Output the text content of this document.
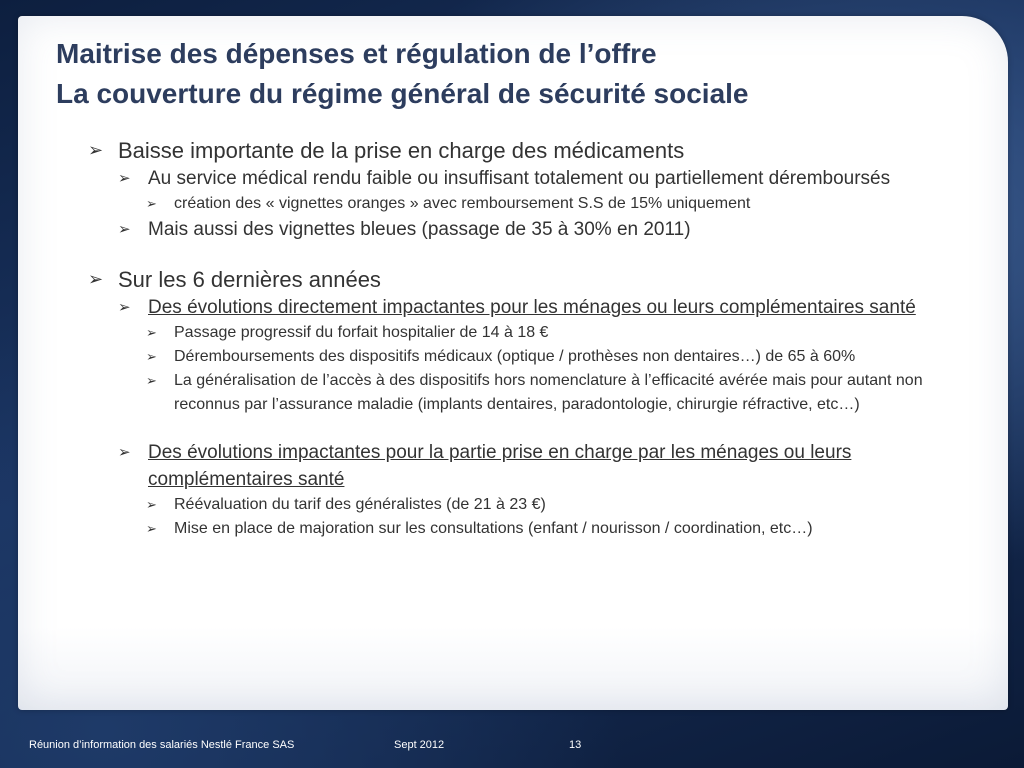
Maitrise des dépenses et régulation de l’offre
La couverture du régime général de sécurité sociale
➢ Baisse importante de la prise en charge des médicaments
➢ Au service médical rendu faible ou insuffisant totalement ou partiellement déremboursés
➢ création des « vignettes oranges » avec remboursement S.S de 15% uniquement
➢ Mais aussi des vignettes bleues (passage de 35 à 30% en 2011)
➢ Sur les 6 dernières années
➢ Des évolutions directement impactantes pour les ménages ou leurs complémentaires santé
➢ Passage progressif du forfait hospitalier de 14 à 18 €
➢ Déremboursements des dispositifs médicaux (optique / prothèses non dentaires…) de 65 à 60%
➢ La généralisation de l’accès à des dispositifs hors nomenclature à l’efficacité avérée mais pour autant non reconnus par l’assurance maladie (implants dentaires, paradontologie, chirurgie réfractive, etc…)
➢ Des évolutions impactantes pour la partie prise en charge par les ménages ou leurs complémentaires santé
➢ Réévaluation du tarif des généralistes (de 21 à 23 €)
➢ Mise en place de majoration sur les consultations (enfant / nourisson / coordination, etc…)
Réunion d’information des salariés Nestlé France SAS	Sept 2012	13
